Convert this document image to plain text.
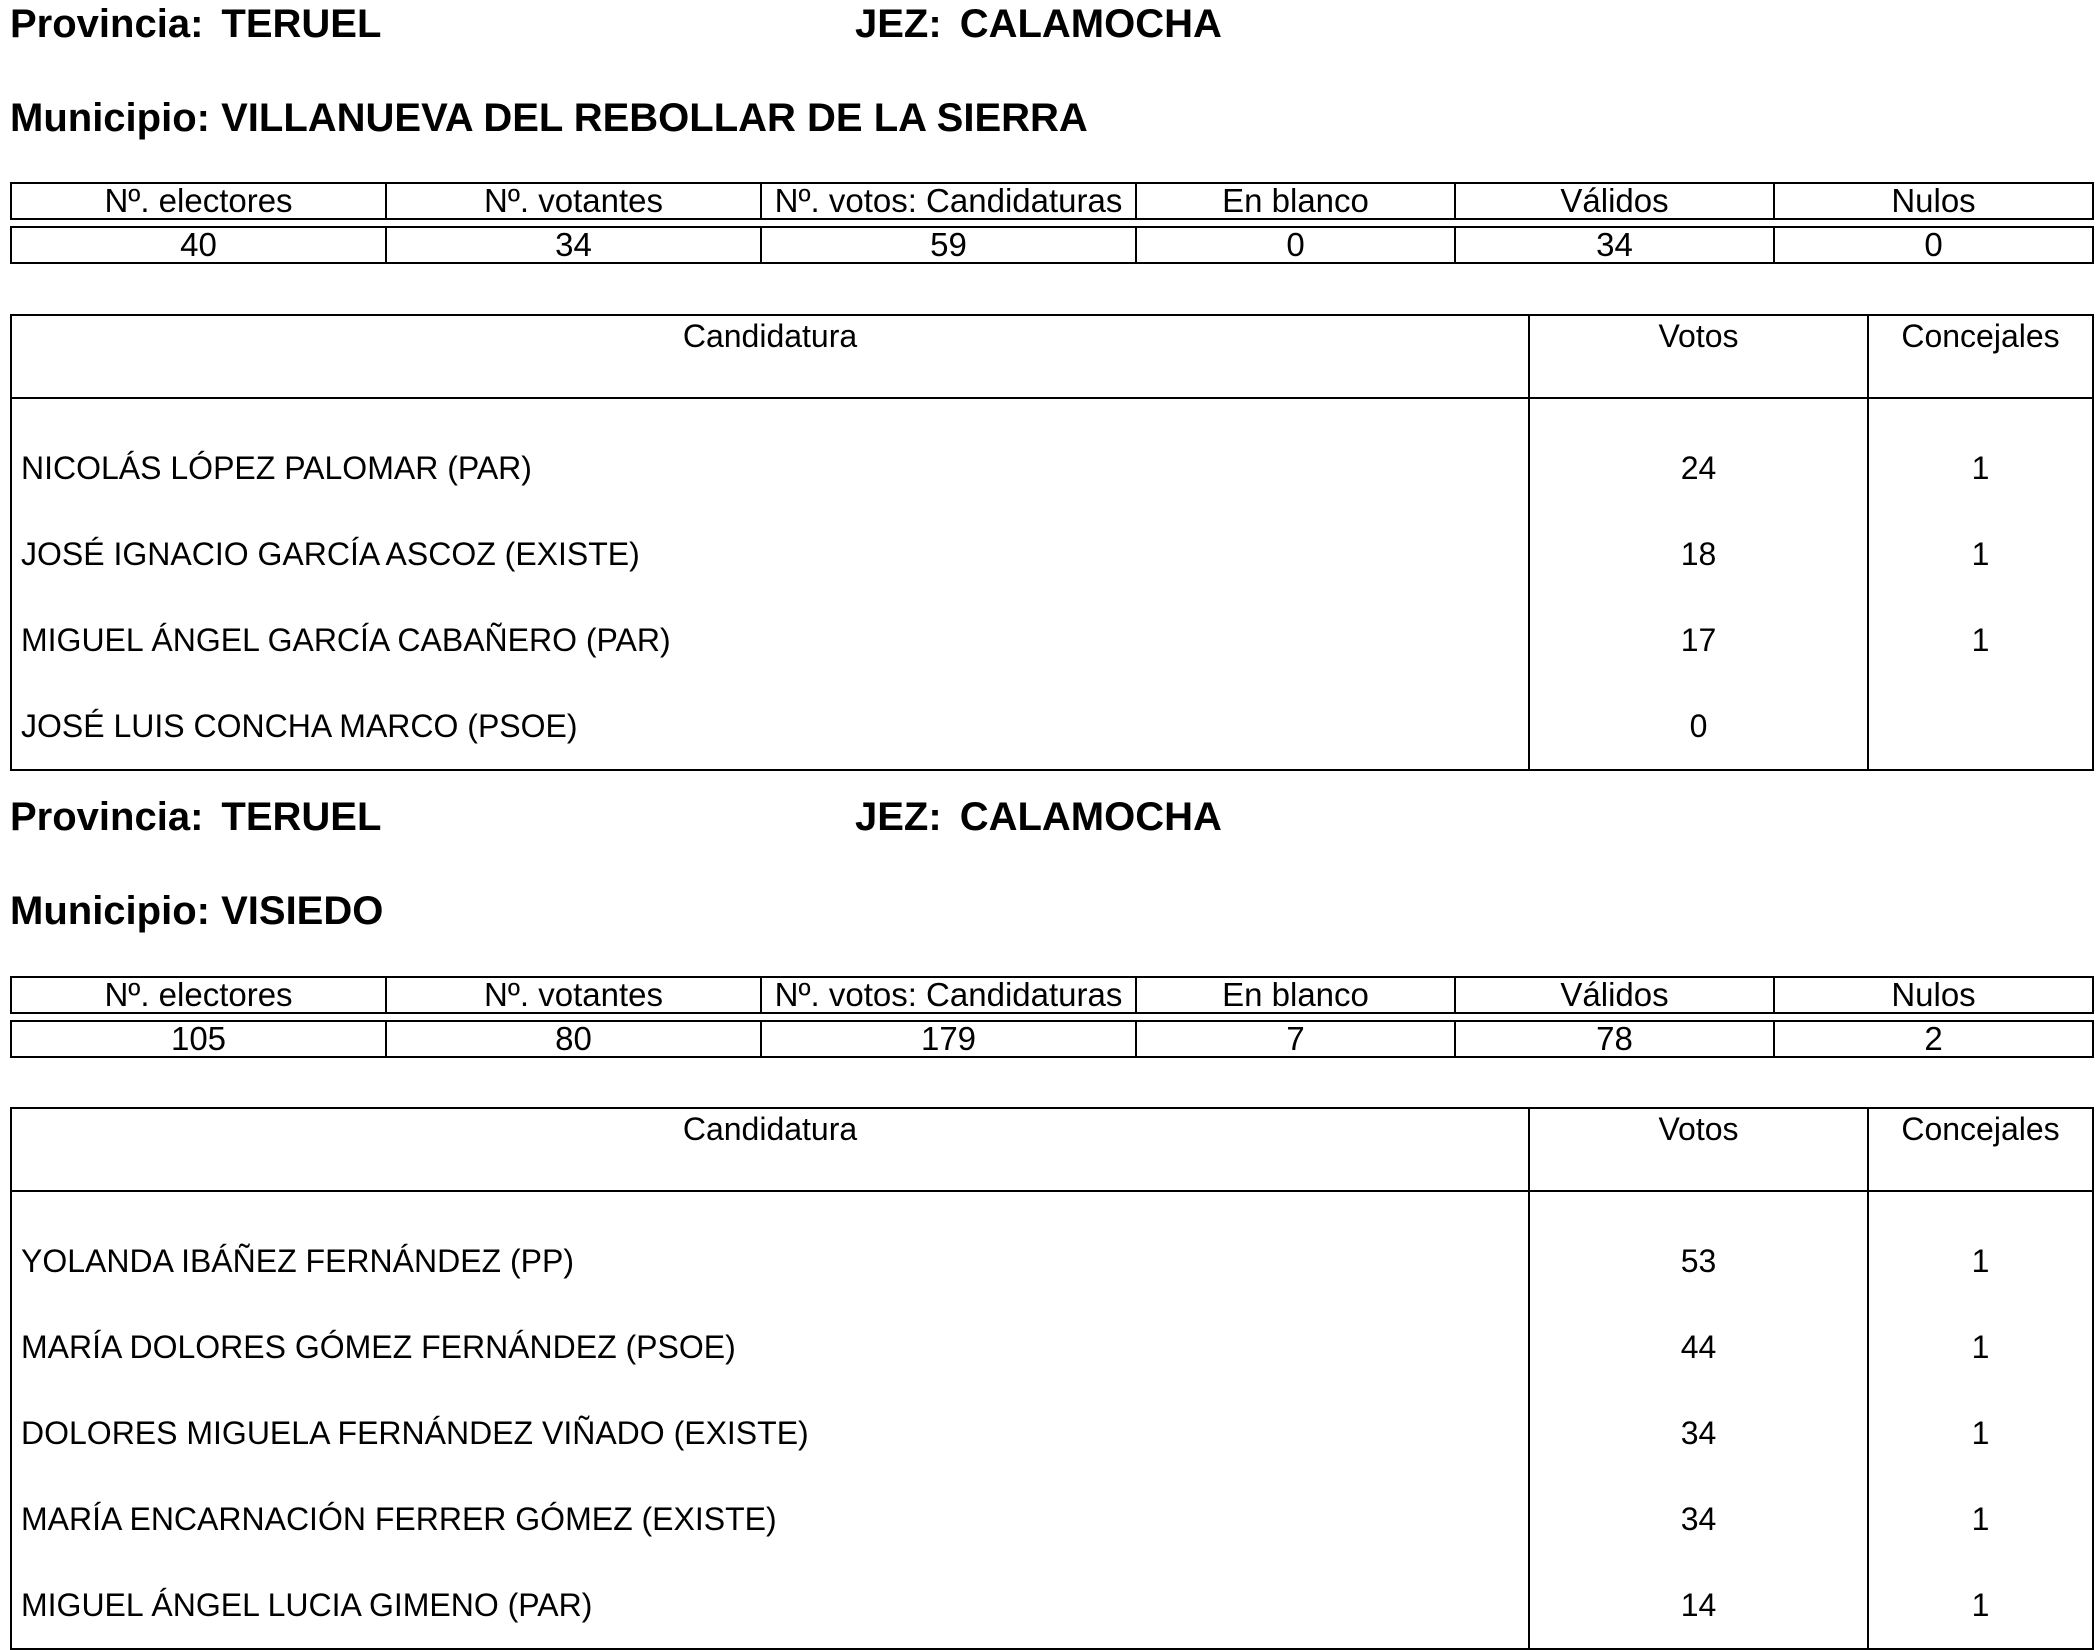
Provincia: TERUEL	JEZ: CALAMOCHA
Municipio: VILLANUEVA DEL REBOLLAR DE LA SIERRA
Nº. electores	Nº. votantes	Nº. votos: Candidaturas	En blanco	Válidos	Nulos

40	34	59	0	34	0
Candidatura	Votos	Concejales
NICOLÁS LÓPEZ PALOMAR (PAR)	24	1
JOSÉ IGNACIO GARCÍA ASCOZ (EXISTE)	18	1
MIGUEL ÁNGEL GARCÍA CABAÑERO (PAR)	17	1
JOSÉ LUIS CONCHA MARCO (PSOE)	0	
Provincia: TERUEL	JEZ: CALAMOCHA
Municipio: VISIEDO
Nº. electores	Nº. votantes	Nº. votos: Candidaturas	En blanco	Válidos	Nulos

105	80	179	7	78	2
Candidatura	Votos	Concejales
YOLANDA IBÁÑEZ FERNÁNDEZ (PP)	53	1
MARÍA DOLORES GÓMEZ FERNÁNDEZ (PSOE)	44	1
DOLORES MIGUELA FERNÁNDEZ VIÑADO (EXISTE)	34	1
MARÍA ENCARNACIÓN FERRER GÓMEZ (EXISTE)	34	1
MIGUEL ÁNGEL LUCIA GIMENO (PAR)	14	1
